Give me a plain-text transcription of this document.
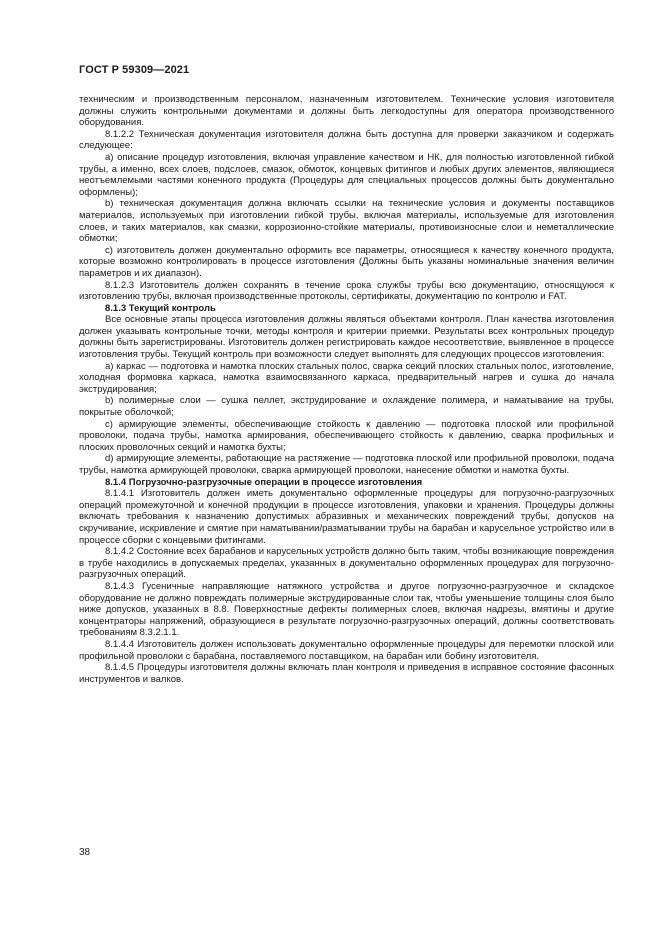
ГОСТ Р 59309—2021

техническим и производственным персоналом, назначенным изготовителем. Технические условия изготовителя должны служить контрольными документами и должны быть легкодоступны для оператора производственного оборудования.

8.1.2.2 Техническая документация изготовителя должна быть доступна для проверки заказчиком и содержать следующее:

a) описание процедур изготовления, включая управление качеством и НК, для полностью изготовленной гибкой трубы, а именно, всех слоев, подслоев, смазок, обмоток, концевых фитингов и любых других элементов, являющиеся неотъемлемыми частями конечного продукта (Процедуры для специальных процессов должны быть документально оформлены);

b) техническая документация должна включать ссылки на технические условия и документы поставщиков материалов, используемых при изготовлении гибкой трубы, включая материалы, используемые для изготовления слоев, и таких материалов, как смазки, коррозионно-стойкие материалы, противоизносные слои и неметаллические обмотки;

c) изготовитель должен документально оформить все параметры, относящиеся к качеству конечного продукта, которые возможно контролировать в процессе изготовления (Должны быть указаны номинальные значения величин параметров и их диапазон).

8.1.2.3 Изготовитель должен сохранять в течение срока службы трубы всю документацию, относящуюся к изготовлению трубы, включая производственные протоколы, сертификаты, документацию по контролю и FAT.

8.1.3 Текущий контроль

Все основные этапы процесса изготовления должны являться объектами контроля. План качества изготовления должен указывать контрольные точки, методы контроля и критерии приемки. Результаты всех контрольных процедур должны быть зарегистрированы. Изготовитель должен регистрировать каждое несоответствие, выявленное в процессе изготовления трубы. Текущий контроль при возможности следует выполнять для следующих процессов изготовления:

a) каркас — подготовка и намотка плоских стальных полос, сварка секций плоских стальных полос, изготовление, холодная формовка каркаса, намотка взаимосвязанного каркаса, предварительный нагрев и сушка до начала экструдирования;

b) полимерные слои — сушка пеллет, экструдирование и охлаждение полимера, и наматывание на трубы, покрытые оболочкой;

c) армирующие элементы, обеспечивающие стойкость к давлению — подготовка плоской или профильной проволоки, подача трубы, намотка армирования, обеспечивающего стойкость к давлению, сварка профильных и плоских проволочных секций и намотка бухты;

d) армирующие элементы, работающие на растяжение — подготовка плоской или профильной проволоки, подача трубы, намотка армирующей проволоки, сварка армирующей проволоки, нанесение обмотки и намотка бухты.

8.1.4 Погрузочно-разгрузочные операции в процессе изготовления

8.1.4.1 Изготовитель должен иметь документально оформленные процедуры для погрузочно-разгрузочных операций промежуточной и конечной продукции в процессе изготовления, упаковки и хранения. Процедуры должны включать требования к назначению допустимых абразивных и механических повреждений трубы, допусков на скручивание, искривление и смятие при наматывании/разматывании трубы на барабан и карусельное устройство или в процессе сборки с концевыми фитингами.

8.1.4.2 Состояние всех барабанов и карусельных устройств должно быть таким, чтобы возникающие повреждения в трубе находились в допускаемых пределах, указанных в документально оформленных процедурах для погрузочно-разгрузочных операций.

8.1.4.3 Гусеничные направляющие натяжного устройства и другое погрузочно-разгрузочное и складское оборудование не должно повреждать полимерные экструдированные слои так, чтобы уменьшение толщины слоя было ниже допусков, указанных в 8.8. Поверхностные дефекты полимерных слоев, включая надрезы, вмятины и другие концентраторы напряжений, образующиеся в результате погрузочно-разгрузочных операций, должны соответствовать требованиям 8.3.2.1.1.

8.1.4.4 Изготовитель должен использовать документально оформленные процедуры для перемотки плоской или профильной проволоки с барабана, поставляемого поставщиком, на барабан или бобину изготовителя.

8.1.4.5 Процедуры изготовителя должны включать план контроля и приведения в исправное состояние фасонных инструментов и валков.

38
